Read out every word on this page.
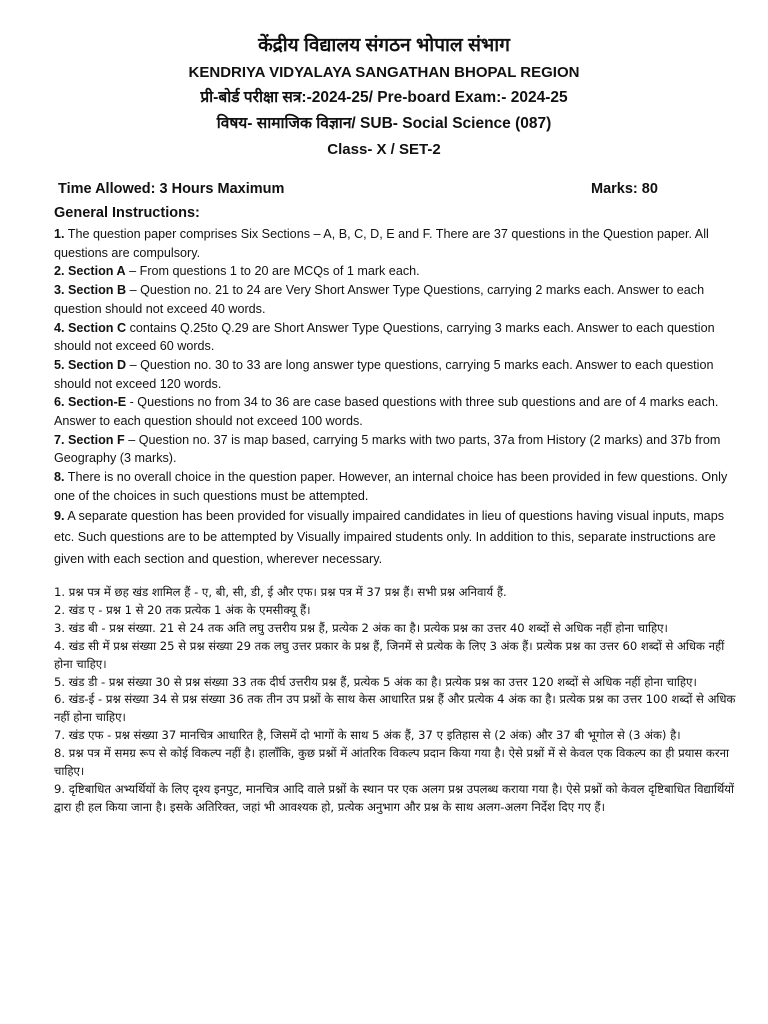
केंद्रीय विद्यालय संगठन भोपाल संभाग
KENDRIYA VIDYALAYA SANGATHAN BHOPAL REGION
प्री-बोर्ड परीक्षा सत्र:-2024-25/ Pre-board Exam:- 2024-25
विषय- सामाजिक विज्ञान/ SUB- Social Science (087)
Class- X / SET-2
Time Allowed: 3 Hours Maximum	Marks: 80
General Instructions:

1. The question paper comprises Six Sections – A, B, C, D, E and F. There are 37 questions in the Question paper. All questions are compulsory.

2. Section A – From questions 1 to 20 are MCQs of 1 mark each.

3. Section B – Question no. 21 to 24 are Very Short Answer Type Questions, carrying 2 marks each. Answer to each question should not exceed 40 words.

4. Section C contains Q.25to Q.29 are Short Answer Type Questions, carrying 3 marks each. Answer to each question should not exceed 60 words.

5. Section D – Question no. 30 to 33 are long answer type questions, carrying 5 marks each. Answer to each question should not exceed 120 words.

6. Section-E - Questions no from 34 to 36 are case based questions with three sub questions and are of 4 marks each. Answer to each question should not exceed 100 words.

7. Section F – Question no. 37 is map based, carrying 5 marks with two parts, 37a from History (2 marks) and 37b from Geography (3 marks).

8. There is no overall choice in the question paper. However, an internal choice has been provided in few questions. Only one of the choices in such questions must be attempted.

9. A separate question has been provided for visually impaired candidates in lieu of questions having visual inputs, maps etc. Such questions are to be attempted by Visually impaired students only. In addition to this, separate instructions are given with each section and question, wherever necessary.

1. प्रश्न पत्र में छह खंड शामिल हैं - ए, बी, सी, डी, ई और एफ। प्रश्न पत्र में 37 प्रश्न हैं। सभी प्रश्न अनिवार्य हैं.

2. खंड ए - प्रश्न 1 से 20 तक प्रत्येक 1 अंक के एमसीक्यू हैं।

3. खंड बी - प्रश्न संख्या. 21 से 24 तक अति लघु उत्तरीय प्रश्न हैं, प्रत्येक 2 अंक का है। प्रत्येक प्रश्न का उत्तर 40 शब्दों से अधिक नहीं होना चाहिए।

4. खंड सी में प्रश्न संख्या 25 से प्रश्न संख्या 29 तक लघु उत्तर प्रकार के प्रश्न हैं, जिनमें से प्रत्येक के लिए 3 अंक हैं। प्रत्येक प्रश्न का उत्तर 60 शब्दों से अधिक नहीं होना चाहिए।

5. खंड डी - प्रश्न संख्या 30 से प्रश्न संख्या 33 तक दीर्घ उत्तरीय प्रश्न हैं, प्रत्येक 5 अंक का है। प्रत्येक प्रश्न का उत्तर 120 शब्दों से अधिक नहीं होना चाहिए।

6. खंड-ई - प्रश्न संख्या 34 से प्रश्न संख्या 36 तक तीन उप प्रश्नों के साथ केस आधारित प्रश्न हैं और प्रत्येक 4 अंक का है। प्रत्येक प्रश्न का उत्तर 100 शब्दों से अधिक नहीं होना चाहिए।

7. खंड एफ - प्रश्न संख्या 37 मानचित्र आधारित है, जिसमें दो भागों के साथ 5 अंक हैं, 37 ए इतिहास से (2 अंक) और 37 बी भूगोल से (3 अंक) है।

8. प्रश्न पत्र में समग्र रूप से कोई विकल्प नहीं है। हालाँकि, कुछ प्रश्नों में आंतरिक विकल्प प्रदान किया गया है। ऐसे प्रश्नों में से केवल एक विकल्प का ही प्रयास करना चाहिए।

9. दृष्टिबाधित अभ्यर्थियों के लिए दृश्य इनपुट, मानचित्र आदि वाले प्रश्नों के स्थान पर एक अलग प्रश्न उपलब्ध कराया गया है। ऐसे प्रश्नों को केवल दृष्टिबाधित विद्यार्थियों द्वारा ही हल किया जाना है। इसके अतिरिक्त, जहां भी आवश्यक हो, प्रत्येक अनुभाग और प्रश्न के साथ अलग-अलग निर्देश दिए गए हैं।
